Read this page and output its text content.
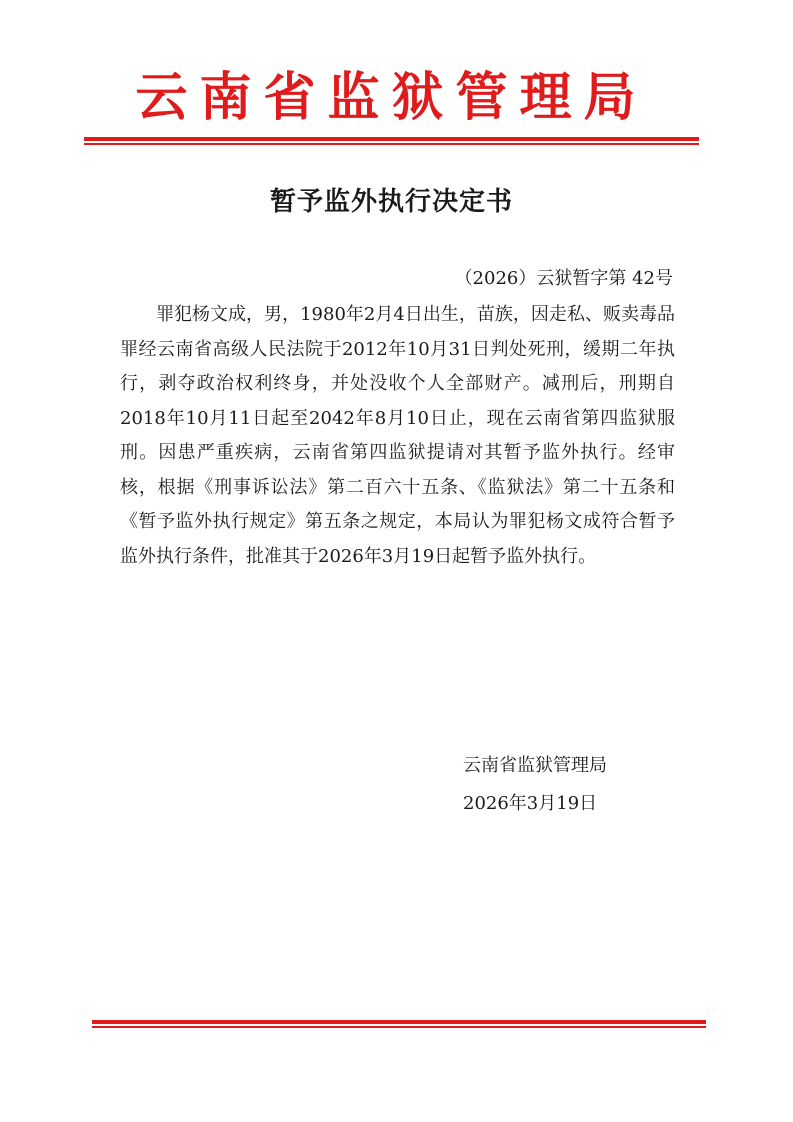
云南省监狱管理局
暂予监外执行决定书
（2026）云狱暂字第 42号

罪犯杨文成，男，1980年2月4日出生，苗族，因走私、贩卖毒品罪经云南省高级人民法院于2012年10月31日判处死刑，缓期二年执行，剥夺政治权利终身，并处没收个人全部财产。减刑后，刑期自2018年10月11日起至2042年8月10日止，现在云南省第四监狱服刑。因患严重疾病，云南省第四监狱提请对其暂予监外执行。经审核，根据《刑事诉讼法》第二百六十五条、《监狱法》第二十五条和《暂予监外执行规定》第五条之规定，本局认为罪犯杨文成符合暂予监外执行条件，批准其于2026年3月19日起暂予监外执行。

云南省监狱管理局
2026年3月19日
